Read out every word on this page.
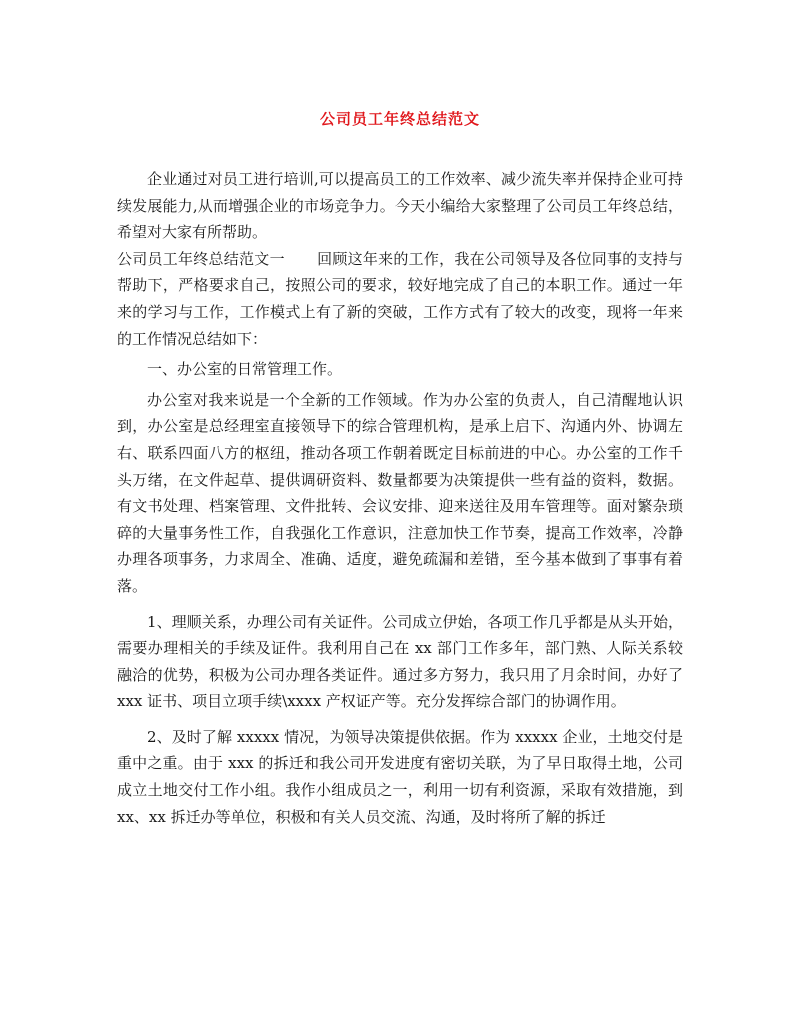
公司员工年终总结范文

企业通过对员工进行培训,可以提高员工的工作效率、减少流失率并保持企业可持续发展能力,从而增强企业的市场竞争力。今天小编给大家整理了公司员工年终总结，希望对大家有所帮助。

公司员工年终总结范文一 回顾这年来的工作，我在公司领导及各位同事的支持与帮助下，严格要求自己，按照公司的要求，较好地完成了自己的本职工作。通过一年来的学习与工作，工作模式上有了新的突破，工作方式有了较大的改变，现将一年来的工作情况总结如下：

一、办公室的日常管理工作。

办公室对我来说是一个全新的工作领域。作为办公室的负责人，自己清醒地认识到，办公室是总经理室直接领导下的综合管理机构，是承上启下、沟通内外、协调左右、联系四面八方的枢纽，推动各项工作朝着既定目标前进的中心。办公室的工作千头万绪，在文件起草、提供调研资料、数量都要为决策提供一些有益的资料，数据。有文书处理、档案管理、文件批转、会议安排、迎来送往及用车管理等。面对繁杂琐碎的大量事务性工作，自我强化工作意识，注意加快工作节奏，提高工作效率，冷静办理各项事务，力求周全、准确、适度，避免疏漏和差错，至今基本做到了事事有着落。

1、理顺关系，办理公司有关证件。公司成立伊始，各项工作几乎都是从头开始，需要办理相关的手续及证件。我利用自己在 xx 部门工作多年，部门熟、人际关系较融洽的优势，积极为公司办理各类证件。通过多方努力，我只用了月余时间，办好了 xxx 证书、项目立项手续\xxxx 产权证产等。充分发挥综合部门的协调作用。

2、及时了解 xxxxx 情况，为领导决策提供依据。作为 xxxxx 企业，土地交付是重中之重。由于 xxx 的拆迁和我公司开发进度有密切关联，为了早日取得土地，公司成立土地交付工作小组。我作小组成员之一，利用一切有利资源，采取有效措施，到 xx、xx 拆迁办等单位，积极和有关人员交流、沟通，及时将所了解的拆迁
